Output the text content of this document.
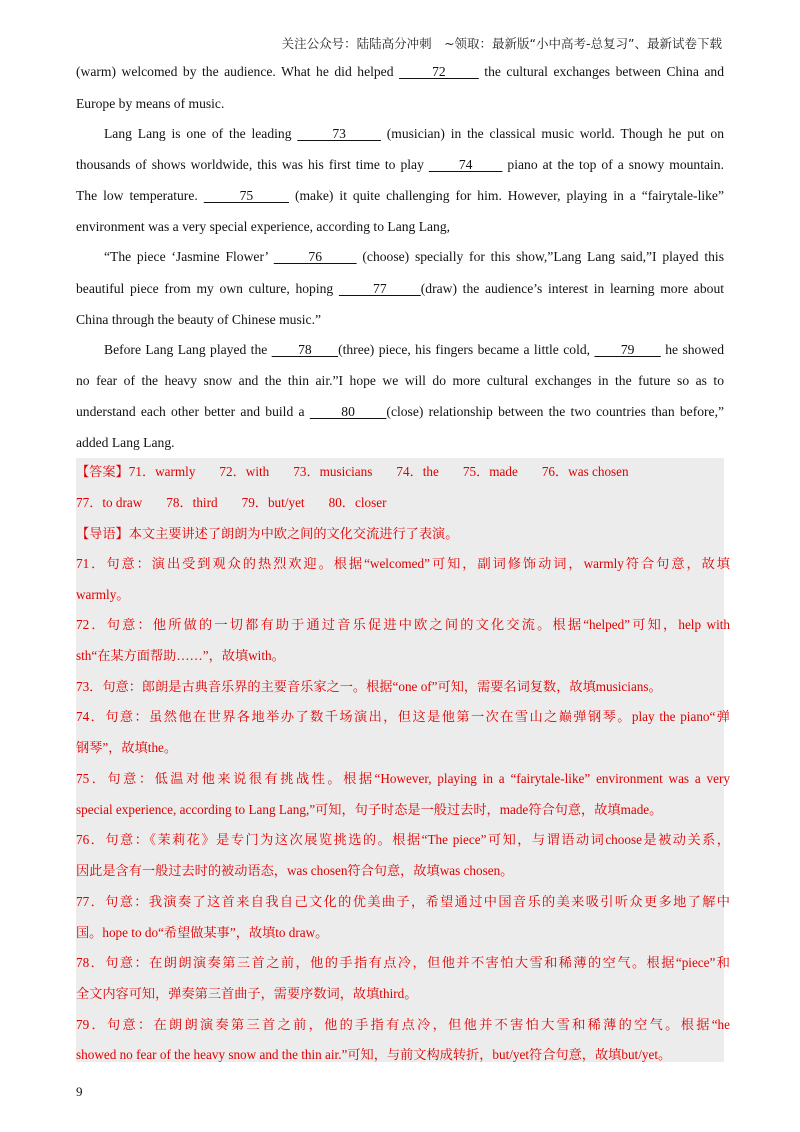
关注公众号：陆陆高分冲刺　~领取：最新版“小中高考-总复习”、最新试卷下载
(warm) welcomed by the audience. What he did helped       72       the cultural exchanges between China and
Europe by means of music.
Lang Lang is one of the leading       73       (musician) in the classical music world. Though he put on
thousands of shows worldwide, this was his first time to play       74       piano at the top of a snowy mountain.
The low temperature.       75       (make) it quite challenging for him. However, playing in a “fairytale-like”
environment was a very special experience, according to Lang Lang,
“The piece ‘Jasmine Flower’       76       (choose) specially for this show,”Lang Lang said,”I played this
beautiful piece from my own culture, hoping       77      (draw) the audience’s interest in learning more about
China through the beauty of Chinese music.”
Before Lang Lang played the       78      (three) piece, his fingers became a little cold,       79       he showed
no fear of the heavy snow and the thin air.”I hope we will do more cultural exchanges in the future so as to
understand each other better and build a       80      (close) relationship between the two countries than before,”
added Lang Lang.
【答案】71．warmly 72．with 73．musicians 74．the 75．made 76．was chosen
77．to draw 78．third 79．but/yet 80．closer
【导语】本文主要讲述了朗朗为中欧之间的文化交流进行了表演。
71．句意：演出受到观众的热烈欢迎。根据“welcomed”可知，副词修饰动词，warmly符合句意，故填
warmly。
72．句意：他所做的一切都有助于通过音乐促进中欧之间的文化交流。根据“helped”可知，help with
sth“在某方面帮助……”，故填with。
73．句意：郎朗是古典音乐界的主要音乐家之一。根据“one of”可知，需要名词复数，故填musicians。
74．句意：虽然他在世界各地举办了数千场演出，但这是他第一次在雪山之巅弹钢琴。play the piano“弹
钢琴”，故填the。
75．句意：低温对他来说很有挑战性。根据“However, playing in a “fairytale-like” environment was a very
special experience, according to Lang Lang,”可知，句子时态是一般过去时，made符合句意，故填made。
76．句意：《茉莉花》是专门为这次展览挑选的。根据“The piece”可知，与谓语动词choose是被动关系，
因此是含有一般过去时的被动语态，was chosen符合句意，故填was chosen。
77．句意：我演奏了这首来自我自己文化的优美曲子，希望通过中国音乐的美来吸引听众更多地了解中
国。hope to do“希望做某事”，故填to draw。
78．句意：在朗朗演奏第三首之前，他的手指有点冷，但他并不害怕大雪和稀薄的空气。根据“piece”和
全文内容可知，弹奏第三首曲子，需要序数词，故填third。
79．句意：在朗朗演奏第三首之前，他的手指有点冷，但他并不害怕大雪和稀薄的空气。根据“he
showed no fear of the heavy snow and the thin air.”可知，与前文构成转折，but/yet符合句意，故填but/yet。
9
